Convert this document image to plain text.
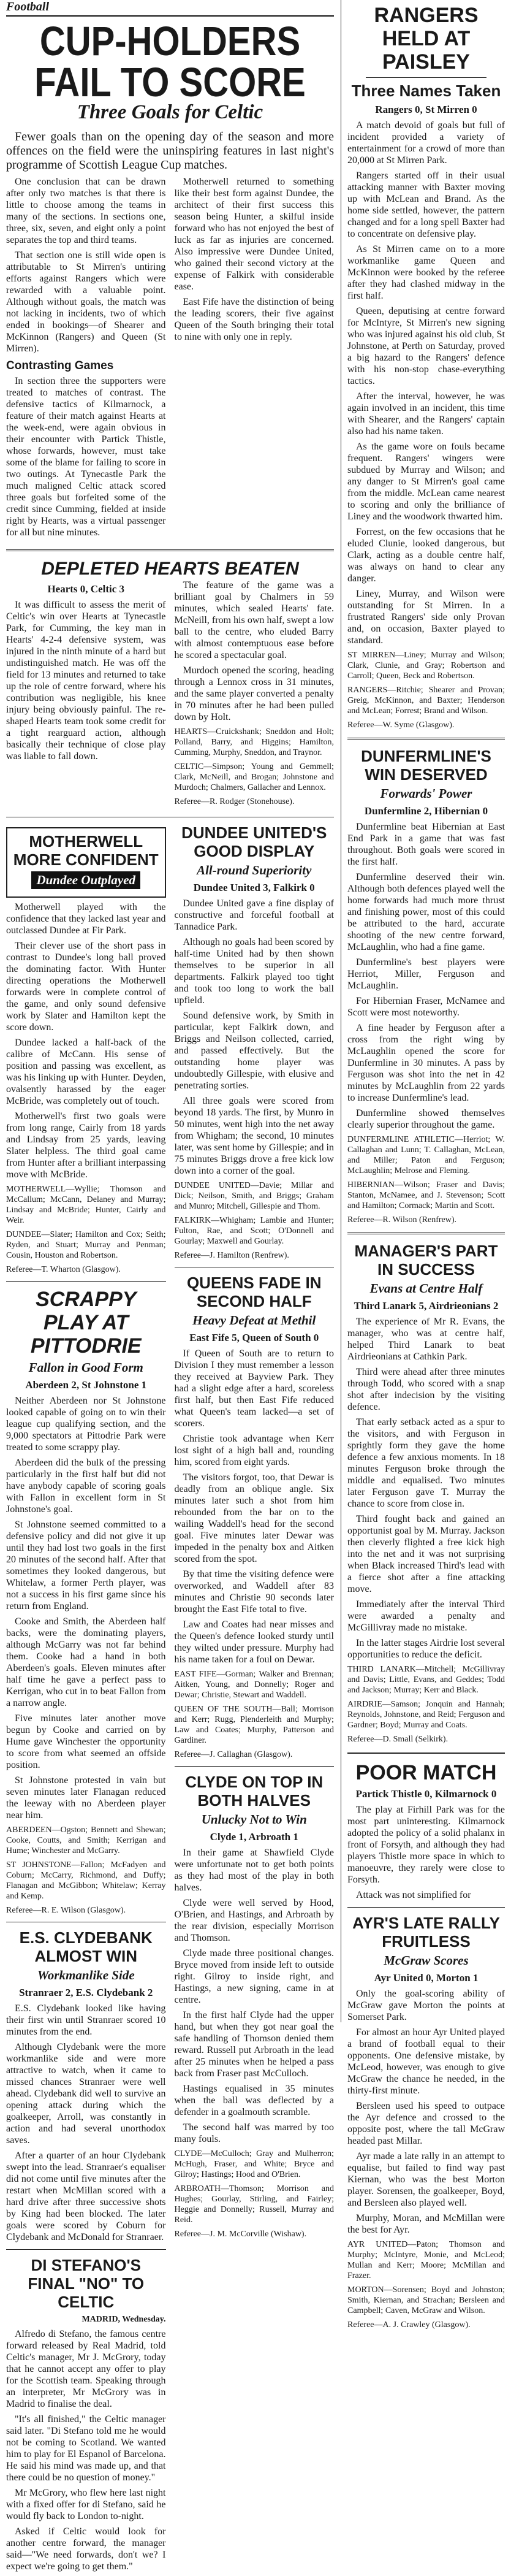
Football
CUP-HOLDERS FAIL TO SCORE
Three Goals for Celtic

Fewer goals than on the opening day of the season and more offences on the field were the uninspiring features in last night's programme of Scottish League Cup matches.

One conclusion that can be drawn after only two matches is that there is little to choose among the teams in many of the sections. In sections one, three, six, seven, and eight only a point separates the top and third teams.

That section one is still wide open is attributable to St Mirren's untiring efforts against Rangers which were rewarded with a valuable point. Although without goals, the match was not lacking in incidents, two of which ended in bookings—of Shearer and McKinnon (Rangers) and Queen (St Mirren).

Contrasting Games

In section three the supporters were treated to matches of contrast. The defensive tactics of Kilmarnock, a feature of their match against Hearts at the week-end, were again obvious in their encounter with Partick Thistle, whose forwards, however, must take some of the blame for failing to score in two outings. At Tynecastle Park the much maligned Celtic attack scored three goals but forfeited some of the credit since Cumming, fielded at inside right by Hearts, was a virtual passenger for all but nine minutes.

Motherwell returned to something like their best form against Dundee, the architect of their first success this season being Hunter, a skilful inside forward who has not enjoyed the best of luck as far as injuries are concerned. Also impressive were Dundee United, who gained their second victory at the expense of Falkirk with considerable ease.

East Fife have the distinction of being the leading scorers, their five against Queen of the South bringing their total to nine with only one in reply.

DEPLETED HEARTS BEATEN
Hearts 0, Celtic 3

It was difficult to assess the merit of Celtic's win over Hearts at Tynecastle Park, for Cumming, the key man in Hearts' 4-2-4 defensive system, was injured in the ninth minute of a hard but undistinguished match. He was off the field for 13 minutes and returned to take up the role of centre forward, where his contribution was negligible, his knee injury being obviously painful. The re-shaped Hearts team took some credit for a tight rearguard action, although basically their technique of close play was liable to fall down.

The feature of the game was a brilliant goal by Chalmers in 59 minutes, which sealed Hearts' fate. McNeill, from his own half, swept a low ball to the centre, who eluded Barry with almost contemptuous ease before he scored a spectacular goal.

Murdoch opened the scoring, heading through a Lennox cross in 31 minutes, and the same player converted a penalty in 70 minutes after he had been pulled down by Holt.

HEARTS—Cruickshank; Sneddon and Holt; Polland, Barry, and Higgins; Hamilton, Cumming, Murphy, Sneddon, and Traynor.

CELTIC—Simpson; Young and Gemmell; Clark, McNeill, and Brogan; Johnstone and Murdoch; Chalmers, Gallacher and Lennox.

Referee—R. Rodger (Stonehouse).

MOTHERWELL MORE CONFIDENT
Dundee Outplayed

Motherwell played with the confidence that they lacked last year and outclassed Dundee at Fir Park.

Their clever use of the short pass in contrast to Dundee's long ball proved the dominating factor. With Hunter directing operations the Motherwell forwards were in complete control of the game, and only sound defensive work by Slater and Hamilton kept the score down.

Dundee lacked a half-back of the calibre of McCann. His sense of position and passing was excellent, as was his linking up with Hunter. Deyden, ovalsently harassed by the eager McBride, was completely out of touch.

Motherwell's first two goals were from long range, Cairly from 18 yards and Lindsay from 25 yards, leaving Slater helpless. The third goal came from Hunter after a brilliant interpassing move with McBride.

MOTHERWELL—Wyllie; Thomson and McCallum; McCann, Delaney and Murray; Lindsay and McBride; Hunter, Cairly and Weir.

DUNDEE—Slater; Hamilton and Cox; Seith; Ryden, and Stuart; Murray and Penman; Cousin, Houston and Robertson.

Referee—T. Wharton (Glasgow).

SCRAPPY PLAY AT PITTODRIE
Fallon in Good Form
Aberdeen 2, St Johnstone 1

Neither Aberdeen nor St Johnstone looked capable of going on to win their league cup qualifying section, and the 9,000 spectators at Pittodrie Park were treated to some scrappy play.

Aberdeen did the bulk of the pressing particularly in the first half but did not have anybody capable of scoring goals with Fallon in excellent form in St Johnstone's goal.

St Johnstone seemed committed to a defensive policy and did not give it up until they had lost two goals in the first 20 minutes of the second half. After that sometimes they looked dangerous, but Whitelaw, a former Perth player, was not a success in his first game since his return from England.

Cooke and Smith, the Aberdeen half backs, were the dominating players, although McGarry was not far behind them. Cooke had a hand in both Aberdeen's goals. Eleven minutes after half time he gave a perfect pass to Kerrigan, who cut in to beat Fallon from a narrow angle.

Five minutes later another move begun by Cooke and carried on by Hume gave Winchester the opportunity to score from what seemed an offside position.

St Johnstone protested in vain but seven minutes later Flanagan reduced the leeway with no Aberdeen player near him.

ABERDEEN—Ogston; Bennett and Shewan; Cooke, Coutts, and Smith; Kerrigan and Hume; Winchester and McGarry.

ST JOHNSTONE—Fallon; McFadyen and Coburn; McCarry, Richmond, and Duffy; Flanagan and McGibbon; Whitelaw; Kerray and Kemp.

Referee—R. E. Wilson (Glasgow).

E.S. CLYDEBANK ALMOST WIN
Workmanlike Side
Stranraer 2, E.S. Clydebank 2

E.S. Clydebank looked like having their first win until Stranraer scored 10 minutes from the end.

Although Clydebank were the more workmanlike side and were more attractive to watch, when it came to missed chances Stranraer were well ahead. Clydebank did well to survive an opening attack during which the goalkeeper, Arroll, was constantly in action and had several unorthodox saves.

After a quarter of an hour Clydebank swept into the lead. Stranraer's equaliser did not come until five minutes after the restart when McMillan scored with a hard drive after three successive shots by King had been blocked. The later goals were scored by Coburn for Clydebank and McDonald for Stranraer.

DI STEFANO'S FINAL "NO" TO CELTIC
MADRID, Wednesday.

Alfredo di Stefano, the famous centre forward released by Real Madrid, told Celtic's manager, Mr J. McGrory, today that he cannot accept any offer to play for the Scottish team. Speaking through an interpreter, Mr McGrory was in Madrid to finalise the deal.

"It's all finished," the Celtic manager said later. "Di Stefano told me he would not be coming to Scotland. We wanted him to play for El Espanol of Barcelona. He said his mind was made up, and that there could be no question of money."

Mr McGrory, who flew here last night with a fixed offer for di Stefano, said he would fly back to London to-night.

Asked if Celtic would look for another centre forward, the manager said—"We need forwards, don't we? I expect we're going to get them."

DUNDEE UNITED'S GOOD DISPLAY
All-round Superiority
Dundee United 3, Falkirk 0

Dundee United gave a fine display of constructive and forceful football at Tannadice Park.

Although no goals had been scored by half-time United had by then shown themselves to be superior in all departments. Falkirk played too tight and took too long to work the ball upfield.

Sound defensive work, by Smith in particular, kept Falkirk down, and Briggs and Neilson collected, carried, and passed effectively. But the outstanding home player was undoubtedly Gillespie, with elusive and penetrating sorties.

All three goals were scored from beyond 18 yards. The first, by Munro in 50 minutes, went high into the net away from Whigham; the second, 10 minutes later, was sent home by Gillespie; and in 75 minutes Briggs drove a free kick low down into a corner of the goal.

DUNDEE UNITED—Davie; Millar and Dick; Neilson, Smith, and Briggs; Graham and Munro; Mitchell, Gillespie and Thom.

FALKIRK—Whigham; Lambie and Hunter; Fulton, Rae, and Scott; O'Donnell and Gourlay; Maxwell and Gourlay.

Referee—J. Hamilton (Renfrew).

QUEENS FADE IN SECOND HALF
Heavy Defeat at Methil
East Fife 5, Queen of South 0

If Queen of South are to return to Division I they must remember a lesson they received at Bayview Park. They had a slight edge after a hard, scoreless first half, but then East Fife reduced what Queen's team lacked—a set of scorers.

Christie took advantage when Kerr lost sight of a high ball and, rounding him, scored from eight yards.

The visitors forgot, too, that Dewar is deadly from an oblique angle. Six minutes later such a shot from him rebounded from the bar on to the wailing Waddell's head for the second goal. Five minutes later Dewar was impeded in the penalty box and Aitken scored from the spot.

By that time the visiting defence were overworked, and Waddell after 83 minutes and Christie 90 seconds later brought the East Fife total to five.

Law and Coates had near misses and the Queen's defence looked sturdy until they wilted under pressure. Murphy had his name taken for a foul on Dewar.

EAST FIFE—Gorman; Walker and Brennan; Aitken, Young, and Donnelly; Roger and Dewar; Christie, Stewart and Waddell.

QUEEN OF THE SOUTH—Ball; Morrison and Kerr; Rugg, Plenderleith and Murphy; Law and Coates; Murphy, Patterson and Gardiner.

Referee—J. Callaghan (Glasgow).

CLYDE ON TOP IN BOTH HALVES
Unlucky Not to Win
Clyde 1, Arbroath 1

In their game at Shawfield Clyde were unfortunate not to get both points as they had most of the play in both halves.

Clyde were well served by Hood, O'Brien, and Hastings, and Arbroath by the rear division, especially Morrison and Thomson.

Clyde made three positional changes. Bryce moved from inside left to outside right. Gilroy to inside right, and Hastings, a new signing, came in at centre.

In the first half Clyde had the upper hand, but when they got near goal the safe handling of Thomson denied them reward. Russell put Arbroath in the lead after 25 minutes when he helped a pass back from Fraser past McCulloch.

Hastings equalised in 35 minutes when the ball was deflected by a defender in a goalmouth scramble.

The second half was marred by too many fouls.

CLYDE—McCulloch; Gray and Mulherron; McHugh, Fraser, and White; Bryce and Gilroy; Hastings; Hood and O'Brien.

ARBROATH—Thomson; Morrison and Hughes; Gourlay, Stirling, and Fairley; Heggie and Donnelly; Russell, Murray and Reid.

Referee—J. M. McCorville (Wishaw).

RANGERS HELD AT PAISLEY
Three Names Taken
Rangers 0, St Mirren 0

A match devoid of goals but full of incident provided a variety of entertainment for a crowd of more than 20,000 at St Mirren Park.

Rangers started off in their usual attacking manner with Baxter moving up with McLean and Brand. As the home side settled, however, the pattern changed and for a long spell Baxter had to concentrate on defensive play.

As St Mirren came on to a more workmanlike game Queen and McKinnon were booked by the referee after they had clashed midway in the first half.

Queen, deputising at centre forward for McIntyre, St Mirren's new signing who was injured against his old club, St Johnstone, at Perth on Saturday, proved a big hazard to the Rangers' defence with his non-stop chase-everything tactics.

After the interval, however, he was again involved in an incident, this time with Shearer, and the Rangers' captain also had his name taken.

As the game wore on fouls became frequent. Rangers' wingers were subdued by Murray and Wilson; and any danger to St Mirren's goal came from the middle. McLean came nearest to scoring and only the brilliance of Liney and the woodwork thwarted him.

Forrest, on the few occasions that he eluded Clunie, looked dangerous, but Clark, acting as a double centre half, was always on hand to clear any danger.

Liney, Murray, and Wilson were outstanding for St Mirren. In a frustrated Rangers' side only Provan and, on occasion, Baxter played to standard.

ST MIRREN—Liney; Murray and Wilson; Clark, Clunie, and Gray; Robertson and Carroll; Queen, Beck and Robertson.

RANGERS—Ritchie; Shearer and Provan; Greig, McKinnon, and Baxter; Henderson and McLean; Forrest; Brand and Wilson.

Referee—W. Syme (Glasgow).

DUNFERMLINE'S WIN DESERVED
Forwards' Power
Dunfermline 2, Hibernian 0

Dunfermline beat Hibernian at East End Park in a game that was fast throughout. Both goals were scored in the first half.

Dunfermline deserved their win. Although both defences played well the home forwards had much more thrust and finishing power, most of this could be attributed to the hard, accurate shooting of the new centre forward, McLaughlin, who had a fine game.

Dunfermline's best players were Herriot, Miller, Ferguson and McLaughlin.

For Hibernian Fraser, McNamee and Scott were most noteworthy.

A fine header by Ferguson after a cross from the right wing by McLaughlin opened the score for Dunfermline in 30 minutes. A pass by Ferguson was shot into the net in 42 minutes by McLaughlin from 22 yards to increase Dunfermline's lead.

Dunfermline showed themselves clearly superior throughout the game.

DUNFERMLINE ATHLETIC—Herriot; W. Callaghan and Lunn; T. Callaghan, McLean, and Miller; Paton and Ferguson; McLaughlin; Melrose and Fleming.

HIBERNIAN—Wilson; Fraser and Davis; Stanton, McNamee, and J. Stevenson; Scott and Hamilton; Cormack; Martin and Scott.

Referee—R. Wilson (Renfrew).

MANAGER'S PART IN SUCCESS
Evans at Centre Half
Third Lanark 5, Airdrieonians 2

The experience of Mr R. Evans, the manager, who was at centre half, helped Third Lanark to beat Airdrieonians at Cathkin Park.

Third were ahead after three minutes through Todd, who scored with a snap shot after indecision by the visiting defence.

That early setback acted as a spur to the visitors, and with Ferguson in sprightly form they gave the home defence a few anxious moments. In 18 minutes Ferguson broke through the middle and equalised. Two minutes later Ferguson gave T. Murray the chance to score from close in.

Third fought back and gained an opportunist goal by M. Murray. Jackson then cleverly flighted a free kick high into the net and it was not surprising when Black increased Third's lead with a fierce shot after a fine attacking move.

Immediately after the interval Third were awarded a penalty and McGillivray made no mistake.

In the latter stages Airdrie lost several opportunities to reduce the deficit.

THIRD LANARK—Mitchell; McGillivray and Davis; Little, Evans, and Geddes; Todd and Jackson; Murray; Kerr and Black.

AIRDRIE—Samson; Jonquin and Hannah; Reynolds, Johnstone, and Reid; Ferguson and Gardner; Boyd; Murray and Coats.

Referee—D. Small (Selkirk).

POOR MATCH
Partick Thistle 0, Kilmarnock 0

The play at Firhill Park was for the most part uninteresting. Kilmarnock adopted the policy of a solid phalanx in front of Forsyth, and although they had players Thistle more space in which to manoeuvre, they rarely were close to Forsyth.

Attack was not simplified for

AYR'S LATE RALLY FRUITLESS
McGraw Scores
Ayr United 0, Morton 1

Only the goal-scoring ability of McGraw gave Morton the points at Somerset Park.

For almost an hour Ayr United played a brand of football equal to their opponents. One defensive mistake, by McLeod, however, was enough to give McGraw the chance he needed, in the thirty-first minute.

Bersleen used his speed to outpace the Ayr defence and crossed to the opposite post, where the tall McGraw headed past Millar.

Ayr made a late rally in an attempt to equalise, but failed to find way past Kiernan, who was the best Morton player. Sorensen, the goalkeeper, Boyd, and Bersleen also played well.

Murphy, Moran, and McMillan were the best for Ayr.

AYR UNITED—Paton; Thomson and Murphy; McIntyre, Monie, and McLeod; Mullan and Kerr; Moore; McMillan and Frazer.

MORTON—Sorensen; Boyd and Johnston; Smith, Kiernan, and Strachan; Bersleen and Campbell; Caven, McGraw and Wilson.

Referee—A. J. Crawley (Glasgow).
